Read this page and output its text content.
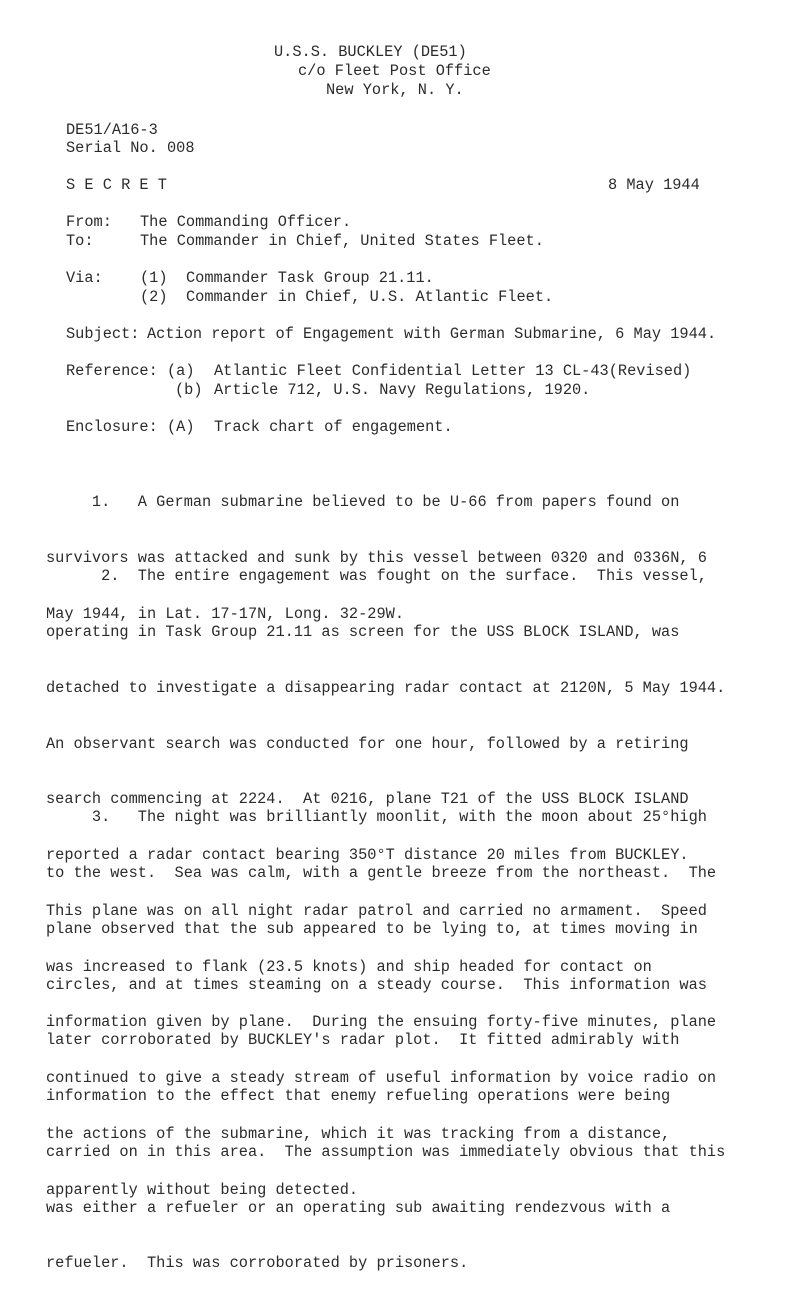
U.S.S. BUCKLEY (DE51)
c/o Fleet Post Office
New York, N. Y.
DE51/A16-3
Serial No. 008
S E C R E T	8 May 1944
From: The Commanding Officer.
To:	The Commander in Chief, United States Fleet.
Via: (1) Commander Task Group 21.11.
(2) Commander in Chief, U.S. Atlantic Fleet.
Subject: Action report of Engagement with German Submarine, 6 May 1944.
Reference: (a) Atlantic Fleet Confidential Letter 13 CL-43(Revised)
(b) Article 712, U.S. Navy Regulations, 1920.
Enclosure: (A) Track chart of engagement.

1.   A German submarine believed to be U-66 from papers found on

survivors was attacked and sunk by this vessel between 0320 and 0336N, 6

May 1944, in Lat. 17-17N, Long. 32-29W.

2.  The entire engagement was fought on the surface.  This vessel,

operating in Task Group 21.11 as screen for the USS BLOCK ISLAND, was

detached to investigate a disappearing radar contact at 2120N, 5 May 1944.

An observant search was conducted for one hour, followed by a retiring

search commencing at 2224.  At 0216, plane T21 of the USS BLOCK ISLAND

reported a radar contact bearing 350°T distance 20 miles from BUCKLEY.

This plane was on all night radar patrol and carried no armament.  Speed

was increased to flank (23.5 knots) and ship headed for contact on

information given by plane.  During the ensuing forty-five minutes, plane

continued to give a steady stream of useful information by voice radio on

the actions of the submarine, which it was tracking from a distance,

apparently without being detected.

3.   The night was brilliantly moonlit, with the moon about 25°high

to the west.  Sea was calm, with a gentle breeze from the northeast.  The

plane observed that the sub appeared to be lying to, at times moving in

circles, and at times steaming on a steady course.  This information was

later corroborated by BUCKLEY's radar plot.  It fitted admirably with

information to the effect that enemy refueling operations were being

carried on in this area.  The assumption was immediately obvious that this

was either a refueler or an operating sub awaiting rendezvous with a

refueler.  This was corroborated by prisoners.
